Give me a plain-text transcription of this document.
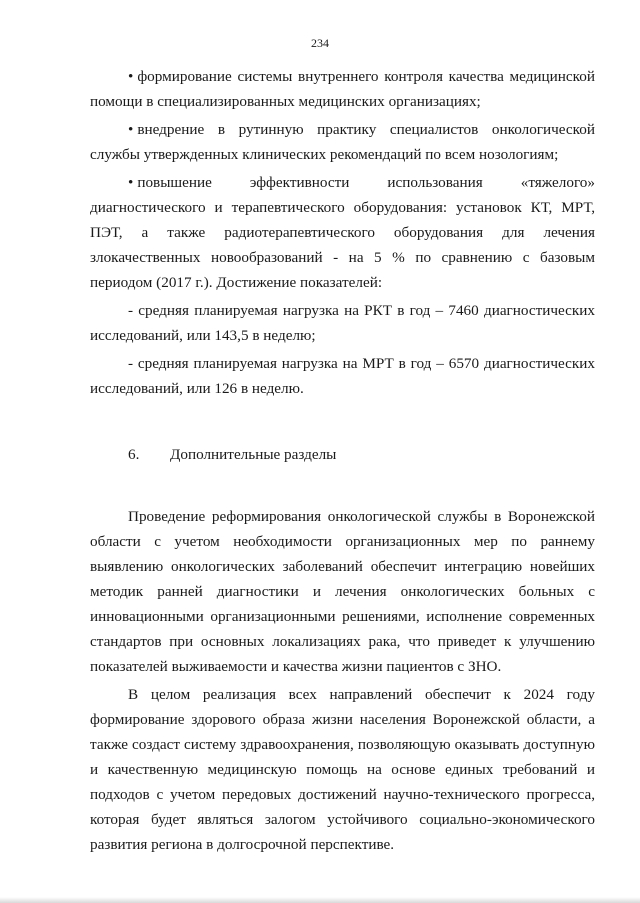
234

• формирование системы внутреннего контроля качества медицинской помощи в специализированных медицинских организациях;

• внедрение в рутинную практику специалистов онкологической службы утвержденных клинических рекомендаций по всем нозологиям;

• повышение эффективности использования «тяжелого» диагностического и терапевтического оборудования: установок КТ, МРТ, ПЭТ, а также радиотерапевтического оборудования для лечения злокачественных новообразований - на 5 % по сравнению с базовым периодом (2017 г.). Достижение показателей:

- средняя планируемая нагрузка на РКТ в год – 7460 диагностических исследований, или 143,5 в неделю;

- средняя планируемая нагрузка на МРТ в год – 6570 диагностических исследований, или 126 в неделю.

6.	Дополнительные разделы

Проведение реформирования онкологической службы в Воронежской области с учетом необходимости организационных мер по раннему выявлению онкологических заболеваний обеспечит интеграцию новейших методик ранней диагностики и лечения онкологических больных с инновационными организационными решениями, исполнение современных стандартов при основных локализациях рака, что приведет к улучшению показателей выживаемости и качества жизни пациентов с ЗНО.

В целом реализация всех направлений обеспечит к 2024 году формирование здорового образа жизни населения Воронежской области, а также создаст систему здравоохранения, позволяющую оказывать доступную и качественную медицинскую помощь на основе единых требований и подходов с учетом передовых достижений научно-технического прогресса, которая будет являться залогом устойчивого социально-экономического развития региона в долгосрочной перспективе.
